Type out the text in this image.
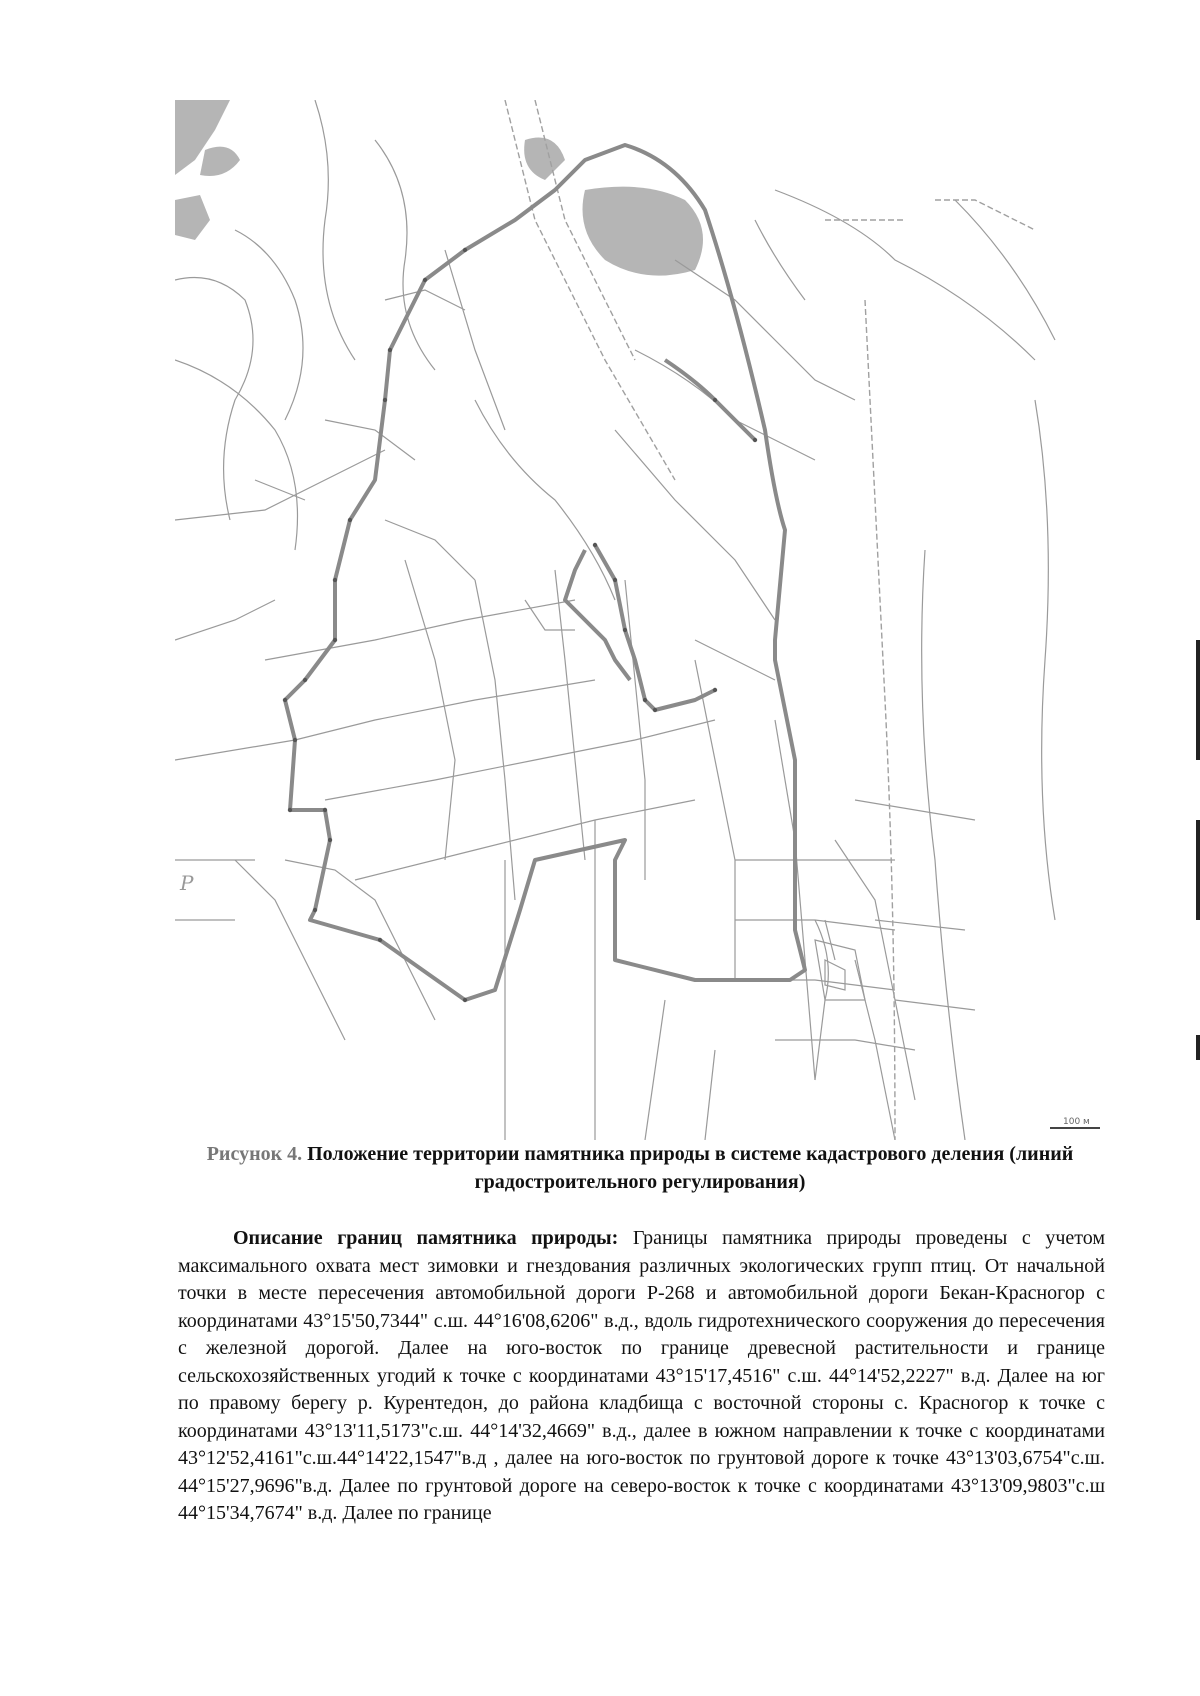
Р
100 м
Рисунок 4. Положение территории памятника природы в системе кадастрового деления (линий градостроительного регулирования)

Описание границ памятника природы: Границы памятника природы проведены с учетом максимального охвата мест зимовки и гнездования различных экологических групп птиц. От начальной точки в месте пересечения автомобильной дороги Р-268 и автомобильной дороги Бекан-Красногор с координатами 43°15'50,7344" с.ш. 44°16'08,6206" в.д., вдоль гидротехнического сооружения до пересечения с железной дорогой. Далее на юго-восток по границе древесной растительности и границе сельскохозяйственных угодий к точке с координатами 43°15'17,4516" с.ш. 44°14'52,2227" в.д. Далее на юг по правому берегу р. Курентедон, до района кладбища с восточной стороны с. Красногор к точке с координатами 43°13'11,5173"с.ш. 44°14'32,4669" в.д., далее в южном направлении к точке с координатами 43°12'52,4161"с.ш.44°14'22,1547"в.д , далее на юго-восток по грунтовой дороге к точке 43°13'03,6754"с.ш. 44°15'27,9696"в.д. Далее по грунтовой дороге на северо-восток к точке с координатами 43°13'09,9803"с.ш 44°15'34,7674" в.д. Далее по границе
